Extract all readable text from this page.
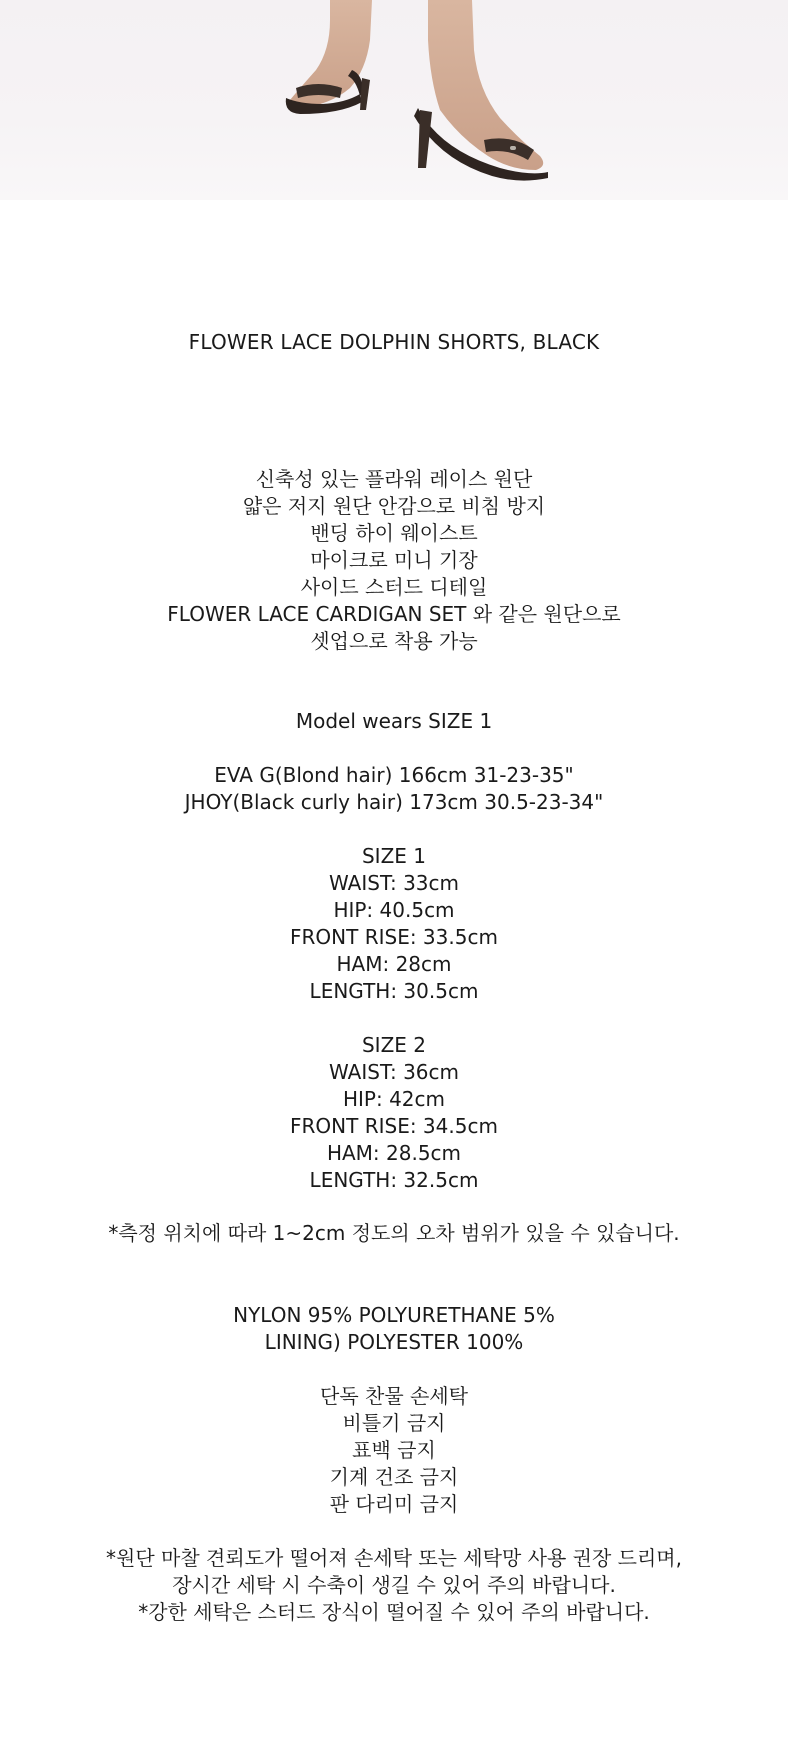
FLOWER LACE DOLPHIN SHORTS, BLACK
신축성 있는 플라워 레이스 원단
얇은 저지 원단 안감으로 비침 방지
밴딩 하이 웨이스트
마이크로 미니 기장
사이드 스터드 디테일
FLOWER LACE CARDIGAN SET 와 같은 원단으로
셋업으로 착용 가능
Model wears SIZE 1
EVA G(Blond hair) 166cm 31-23-35"
JHOY(Black curly hair) 173cm 30.5-23-34"
SIZE 1
WAIST: 33cm
HIP: 40.5cm
FRONT RISE: 33.5cm
HAM: 28cm
LENGTH: 30.5cm
SIZE 2
WAIST: 36cm
HIP: 42cm
FRONT RISE: 34.5cm
HAM: 28.5cm
LENGTH: 32.5cm
*측정 위치에 따라 1~2cm 정도의 오차 범위가 있을 수 있습니다.
NYLON 95% POLYURETHANE 5%
LINING) POLYESTER 100%
단독 찬물 손세탁
비틀기 금지
표백 금지
기계 건조 금지
판 다리미 금지
*원단 마찰 견뢰도가 떨어져 손세탁 또는 세탁망 사용 권장 드리며,
장시간 세탁 시 수축이 생길 수 있어 주의 바랍니다.
*강한 세탁은 스터드 장식이 떨어질 수 있어 주의 바랍니다.
